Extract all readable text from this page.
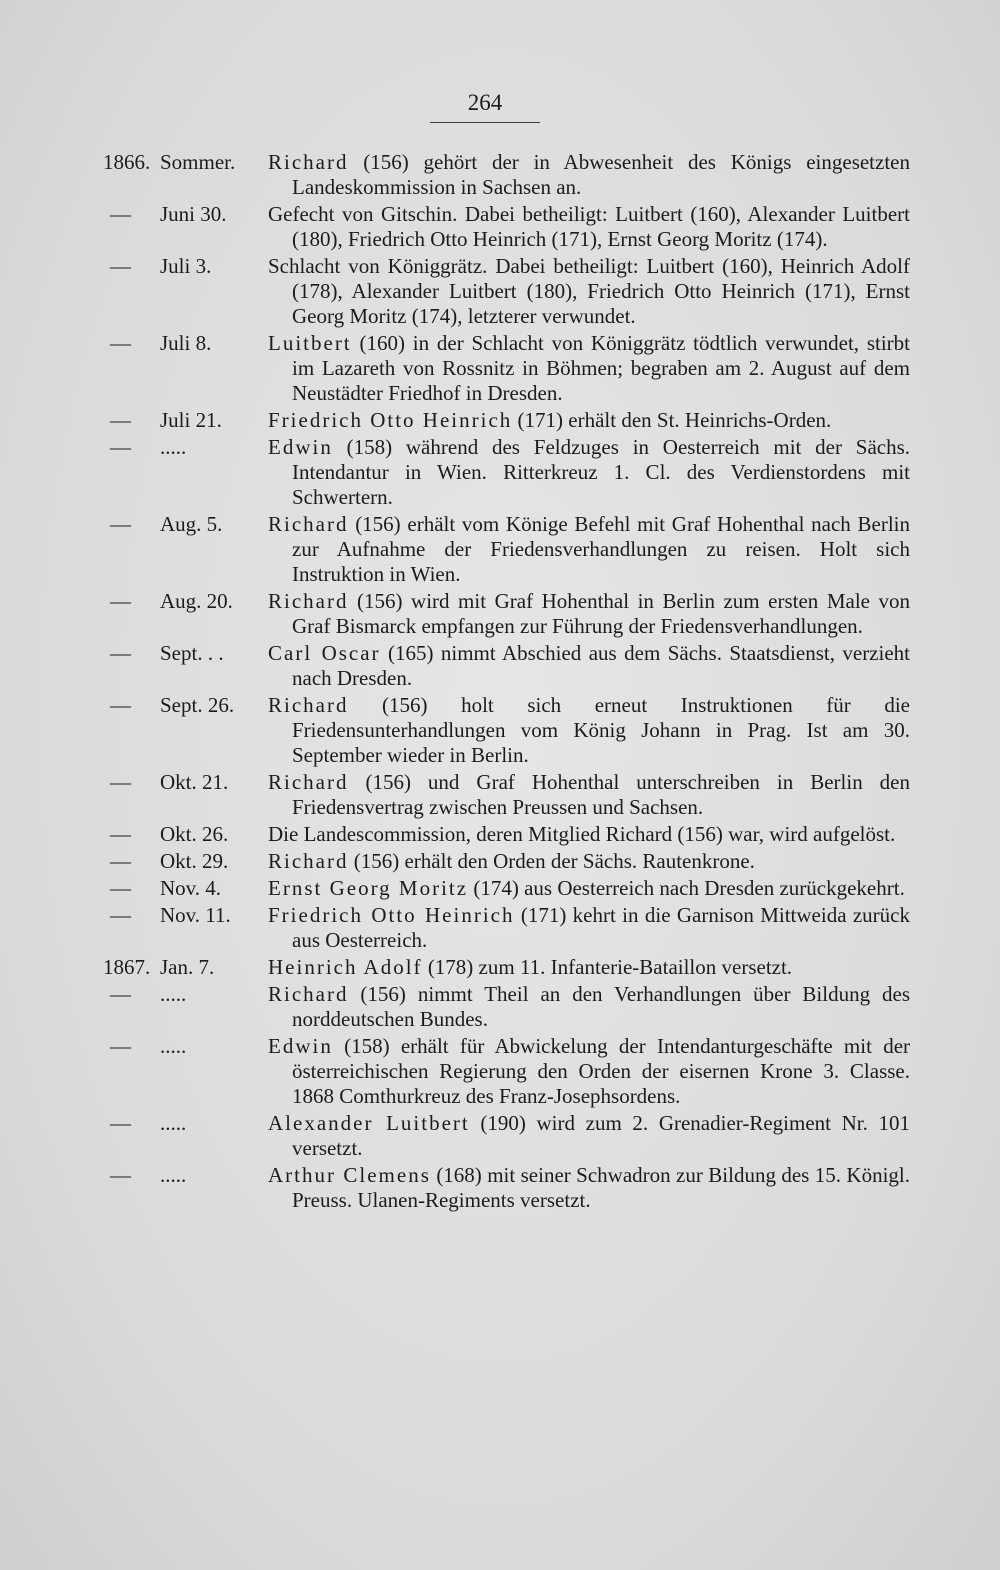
264
1866. Sommer. Richard (156) gehört der in Abwesenheit des Königs eingesetzten Landeskommission in Sachsen an.
— Juni 30. Gefecht von Gitschin. Dabei betheiligt: Luitbert (160), Alexander Luitbert (180), Friedrich Otto Heinrich (171), Ernst Georg Moritz (174).
— Juli 3.	Schlacht von Königgrätz. Dabei betheiligt: Luitbert (160), Heinrich Adolf (178), Alexander Luitbert (180), Friedrich Otto Heinrich (171), Ernst Georg Moritz (174), letzterer verwundet.
— Juli 8.	Luitbert (160) in der Schlacht von Königgrätz tödtlich verwundet, stirbt im Lazareth von Rossnitz in Böhmen; begraben am 2. August auf dem Neustädter Friedhof in Dresden.
— Juli 21. Friedrich Otto Heinrich (171) erhält den St. Heinrichs-Orden.
— .....	Edwin (158) während des Feldzuges in Oesterreich mit der Sächs. Intendantur in Wien. Ritterkreuz 1. Cl. des Verdienstordens mit Schwertern.
— Aug. 5. Richard (156) erhält vom Könige Befehl mit Graf Hohenthal nach Berlin zur Aufnahme der Friedensverhandlungen zu reisen. Holt sich Instruktion in Wien.
— Aug. 20. Richard (156) wird mit Graf Hohenthal in Berlin zum ersten Male von Graf Bismarck empfangen zur Führung der Friedensverhandlungen.
— Sept. . . Carl Oscar (165) nimmt Abschied aus dem Sächs. Staatsdienst, verzieht nach Dresden.
— Sept. 26. Richard (156) holt sich erneut Instruktionen für die Friedensunterhandlungen vom König Johann in Prag. Ist am 30. September wieder in Berlin.
— Okt. 21. Richard (156) und Graf Hohenthal unterschreiben in Berlin den Friedensvertrag zwischen Preussen und Sachsen.
— Okt. 26. Die Landescommission, deren Mitglied Richard (156) war, wird aufgelöst.
— Okt. 29. Richard (156) erhält den Orden der Sächs. Rautenkrone.
— Nov. 4. Ernst Georg Moritz (174) aus Oesterreich nach Dresden zurückgekehrt.
— Nov. 11. Friedrich Otto Heinrich (171) kehrt in die Garnison Mittweida zurück aus Oesterreich.
1867. Jan. 7.	Heinrich Adolf (178) zum 11. Infanterie-Bataillon versetzt.
— .....	Richard (156) nimmt Theil an den Verhandlungen über Bildung des norddeutschen Bundes.
— .....	Edwin (158) erhält für Abwickelung der Intendanturgeschäfte mit der österreichischen Regierung den Orden der eisernen Krone 3. Classe. 1868 Comthurkreuz des Franz-Josephsordens.
— .....	Alexander Luitbert (190) wird zum 2. Grenadier-Regiment Nr. 101 versetzt.
— .....	Arthur Clemens (168) mit seiner Schwadron zur Bildung des 15. Königl. Preuss. Ulanen-Regiments versetzt.
